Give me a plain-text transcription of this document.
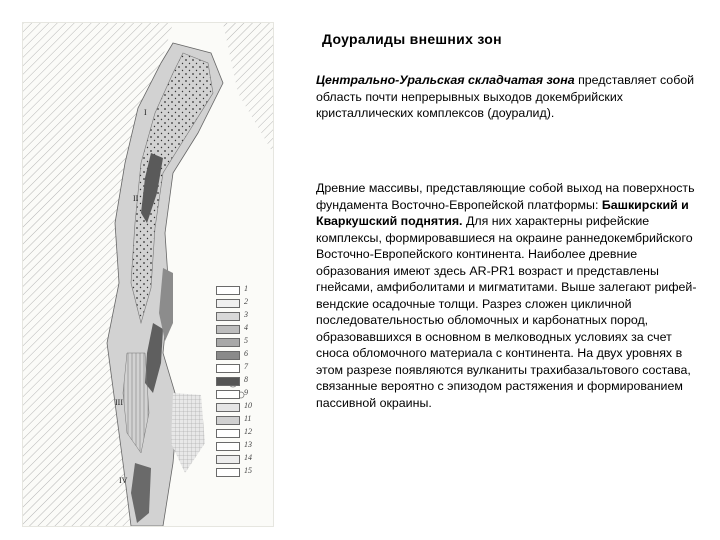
I
II
III
IV
1
2
3
4
5
6
7
8
9
10
11
12
13
14
15
Доуралиды внешних зон
Центрально-Уральская складчатая зона представляет собой область почти непрерывных выходов докембрийских кристаллических комплексов (доуралид).
Древние массивы, представляющие собой выход на поверхность фундамента Восточно-Европейской платформы: Башкирский и Кваркушский поднятия. Для них характерны рифейские комплексы, формировавшиеся на окраине раннедокембрийского Восточно-Европейского континента. Наиболее древние образования имеют здесь AR-PR1 возраст и представлены гнейсами, амфиболитами и мигматитами. Выше залегают рифей-вендские осадочные толщи. Разрез сложен цикличной последовательностью обломочных и карбонатных пород, образовавшихся в основном в мелководных условиях за счет сноса обломочного материала с континента. На двух уровнях в этом разрезе появляются вулканиты трахибазальтового состава, связанные вероятно с эпизодом растяжения и формированием пассивной окраины.
